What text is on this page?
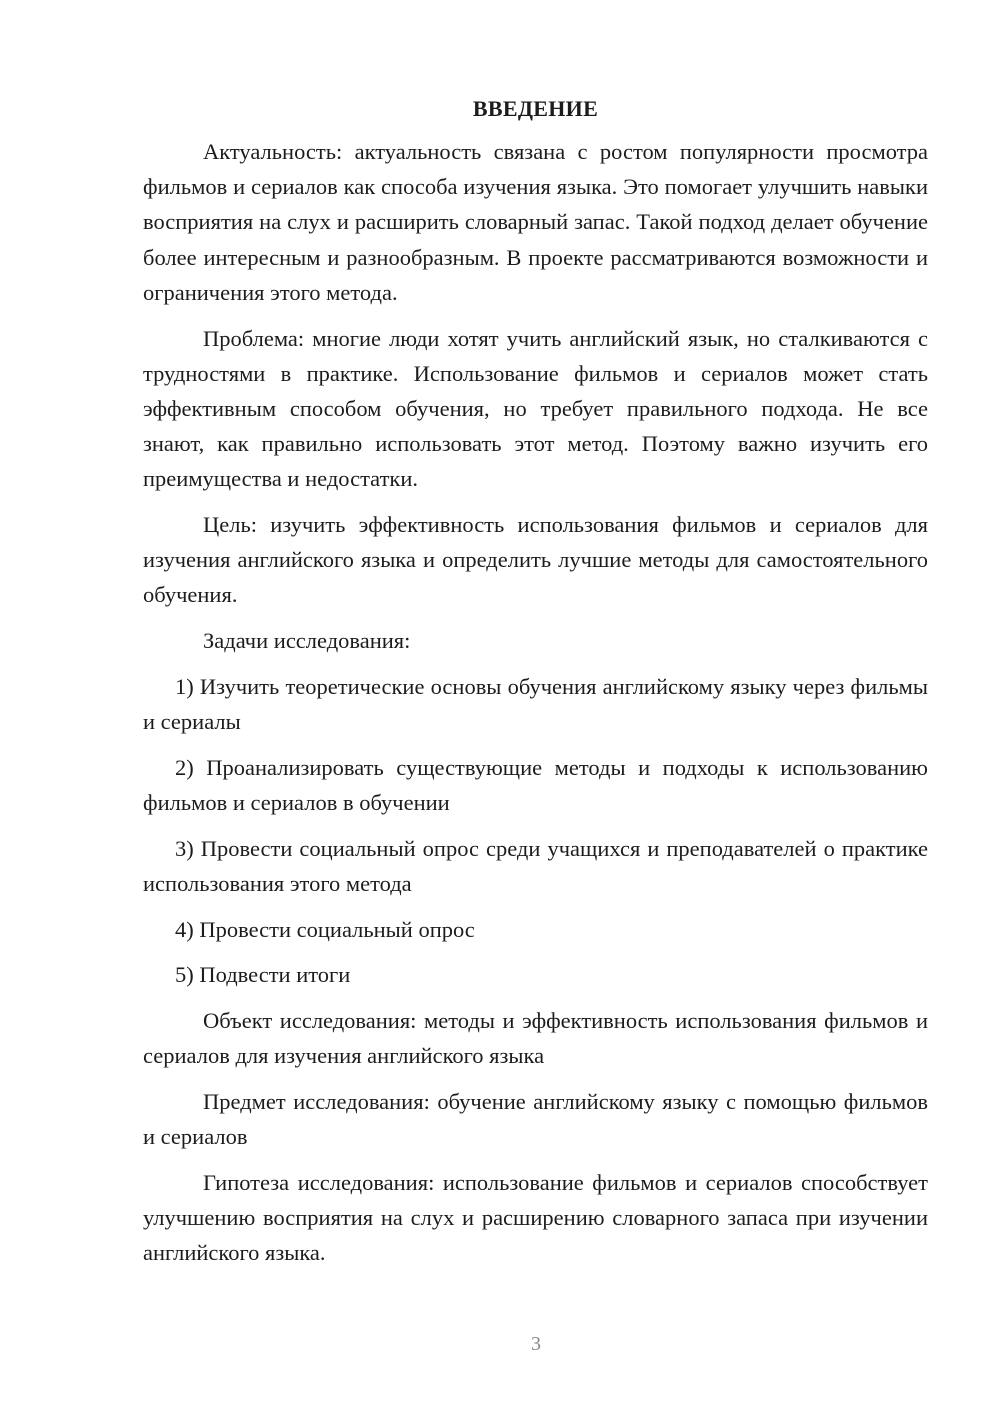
ВВЕДЕНИЕ

Актуальность: актуальность связана с ростом популярности просмотра фильмов и сериалов как способа изучения языка. Это помогает улучшить навыки восприятия на слух и расширить словарный запас. Такой подход делает обучение более интересным и разнообразным. В проекте рассматриваются возможности и ограничения этого метода.

Проблема: многие люди хотят учить английский язык, но сталкиваются с трудностями в практике. Использование фильмов и сериалов может стать эффективным способом обучения, но требует правильного подхода. Не все знают, как правильно использовать этот метод. Поэтому важно изучить его преимущества и недостатки.

Цель: изучить эффективность использования фильмов и сериалов для изучения английского языка и определить лучшие методы для самостоятельного обучения.

Задачи исследования:

1) Изучить теоретические основы обучения английскому языку через фильмы и сериалы

2) Проанализировать существующие методы и подходы к использованию фильмов и сериалов в обучении

3) Провести социальный опрос среди учащихся и преподавателей о практике использования этого метода

4) Провести социальный опрос

5) Подвести итоги

Объект исследования: методы и эффективность использования фильмов и сериалов для изучения английского языка

Предмет исследования: обучение английскому языку с помощью фильмов и сериалов

Гипотеза исследования: использование фильмов и сериалов способствует улучшению восприятия на слух и расширению словарного запаса при изучении английского языка.

3
